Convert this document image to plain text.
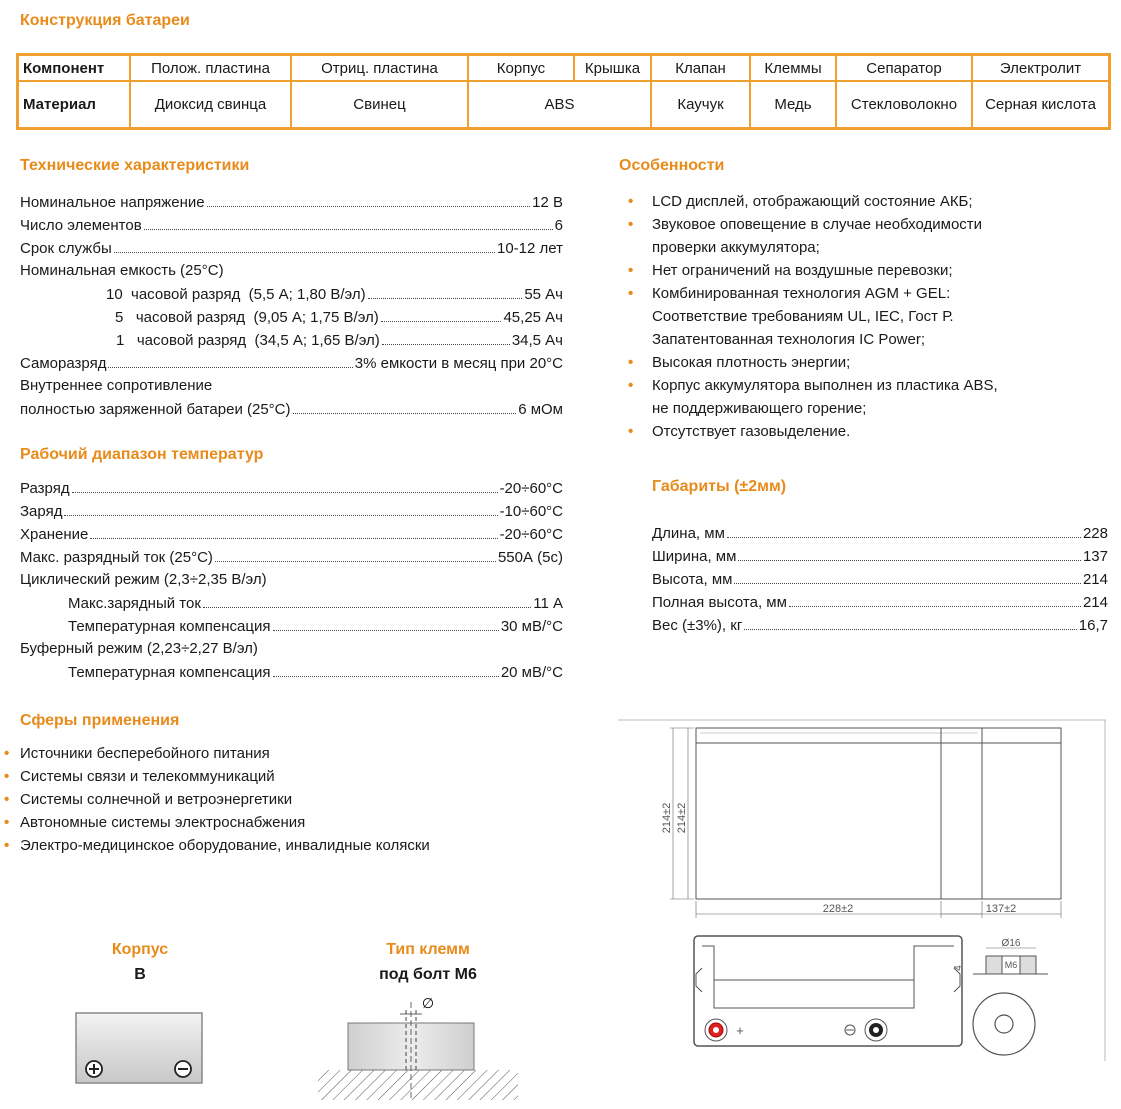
Конструкция батареи
Компонент	Полож. пластина	Отриц. пластина	Корпус	Крышка	Клапан	Клеммы	Сепаратор	Электролит
Материал	Диоксид свинца	Свинец	ABS		Каучук	Медь	Стекловолокно	Серная кислота
Технические характеристики
Номинальное напряжение	12 В
Число элементов	6
Срок службы	10-12 лет
Номинальная емкость (25°C)
10  часовой разряд  (5,5 А; 1,80 В/эл)	55 Ач
5   часовой разряд  (9,05 А; 1,75 В/эл)	45,25 Ач
1   часовой разряд  (34,5 А; 1,65 В/эл)	34,5 Ач
Саморазряд	3% емкости в месяц при 20°C
Внутреннее сопротивление
полностью заряженной батареи (25°C)	6 мОм
Рабочий диапазон температур
Разряд	-20÷60°C
Заряд	-10÷60°C
Хранение	-20÷60°C
Макс. разрядный ток (25°C)	550А (5с)
Циклический режим (2,3÷2,35 В/эл)
Макс.зарядный ток	11 А
Температурная компенсация	30 мВ/°C
Буферный режим (2,23÷2,27 В/эл)
Температурная компенсация	20 мВ/°C
Сферы применения
• Источники бесперебойного питания
• Системы связи и телекоммуникаций
• Системы солнечной и ветроэнергетики
• Автономные системы электроснабжения
• Электро-медицинское оборудование, инвалидные коляски
Особенности
• LCD дисплей, отображающий состояние АКБ;
• Звуковое оповещение в случае необходимости
проверки аккумулятора;
• Нет ограничений на воздушные перевозки;
• Комбинированная технология AGM + GEL:
Соответствие требованиям UL, IEC, Гост Р.
Запатентованная технология IC Power;
• Высокая плотность энергии;
• Корпус аккумулятора выполнен из пластика ABS,
не поддерживающего горение;
• Отсутствует газовыделение.
Габариты (±2мм)
Длина, мм	228
Ширина, мм	137
Высота, мм	214
Полная высота, мм	214
Вес (±3%), кг	16,7
Корпус
B
Тип клемм
под болт М6
∅
214±2 214±2
228±2	137±2
+
Ø16
M6
4
